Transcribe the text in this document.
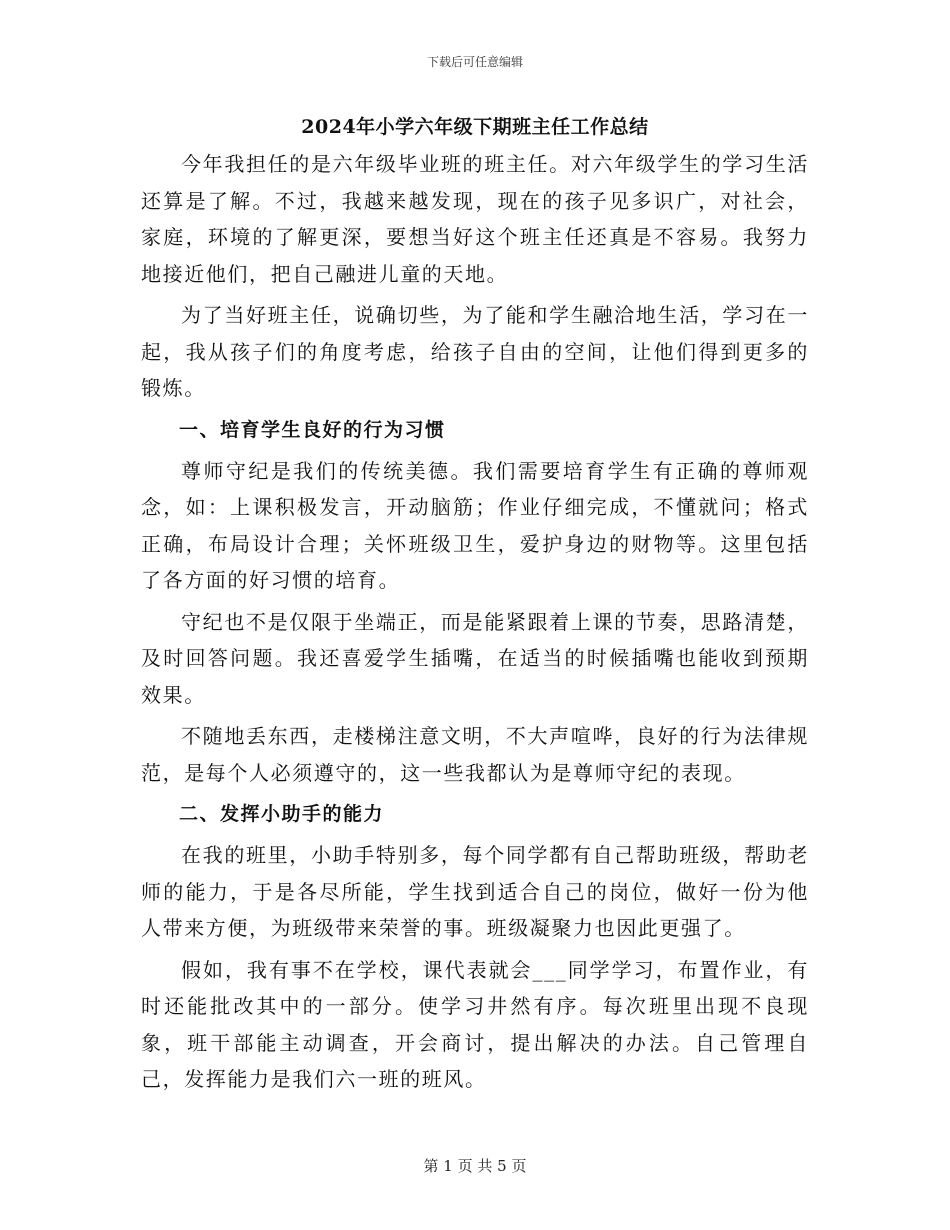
下载后可任意编辑
2024年小学六年级下期班主任工作总结

今年我担任的是六年级毕业班的班主任。对六年级学生的学习生活还算是了解。不过，我越来越发现，现在的孩子见多识广，对社会，家庭，环境的了解更深，要想当好这个班主任还真是不容易。我努力地接近他们，把自己融进儿童的天地。

为了当好班主任，说确切些，为了能和学生融洽地生活，学习在一起，我从孩子们的角度考虑，给孩子自由的空间，让他们得到更多的锻炼。

一、培育学生良好的行为习惯

尊师守纪是我们的传统美德。我们需要培育学生有正确的尊师观念，如：上课积极发言，开动脑筋；作业仔细完成，不懂就问；格式正确，布局设计合理；关怀班级卫生，爱护身边的财物等。这里包括了各方面的好习惯的培育。

守纪也不是仅限于坐端正，而是能紧跟着上课的节奏，思路清楚，及时回答问题。我还喜爱学生插嘴，在适当的时候插嘴也能收到预期效果。

不随地丢东西，走楼梯注意文明，不大声喧哗，良好的行为法律规范，是每个人必须遵守的，这一些我都认为是尊师守纪的表现。

二、发挥小助手的能力

在我的班里，小助手特别多，每个同学都有自己帮助班级，帮助老师的能力，于是各尽所能，学生找到适合自己的岗位，做好一份为他人带来方便，为班级带来荣誉的事。班级凝聚力也因此更强了。

假如，我有事不在学校，课代表就会___同学学习，布置作业，有时还能批改其中的一部分。使学习井然有序。每次班里出现不良现象，班干部能主动调查，开会商讨，提出解决的办法。自己管理自己，发挥能力是我们六一班的班风。

第 1 页 共 5 页
